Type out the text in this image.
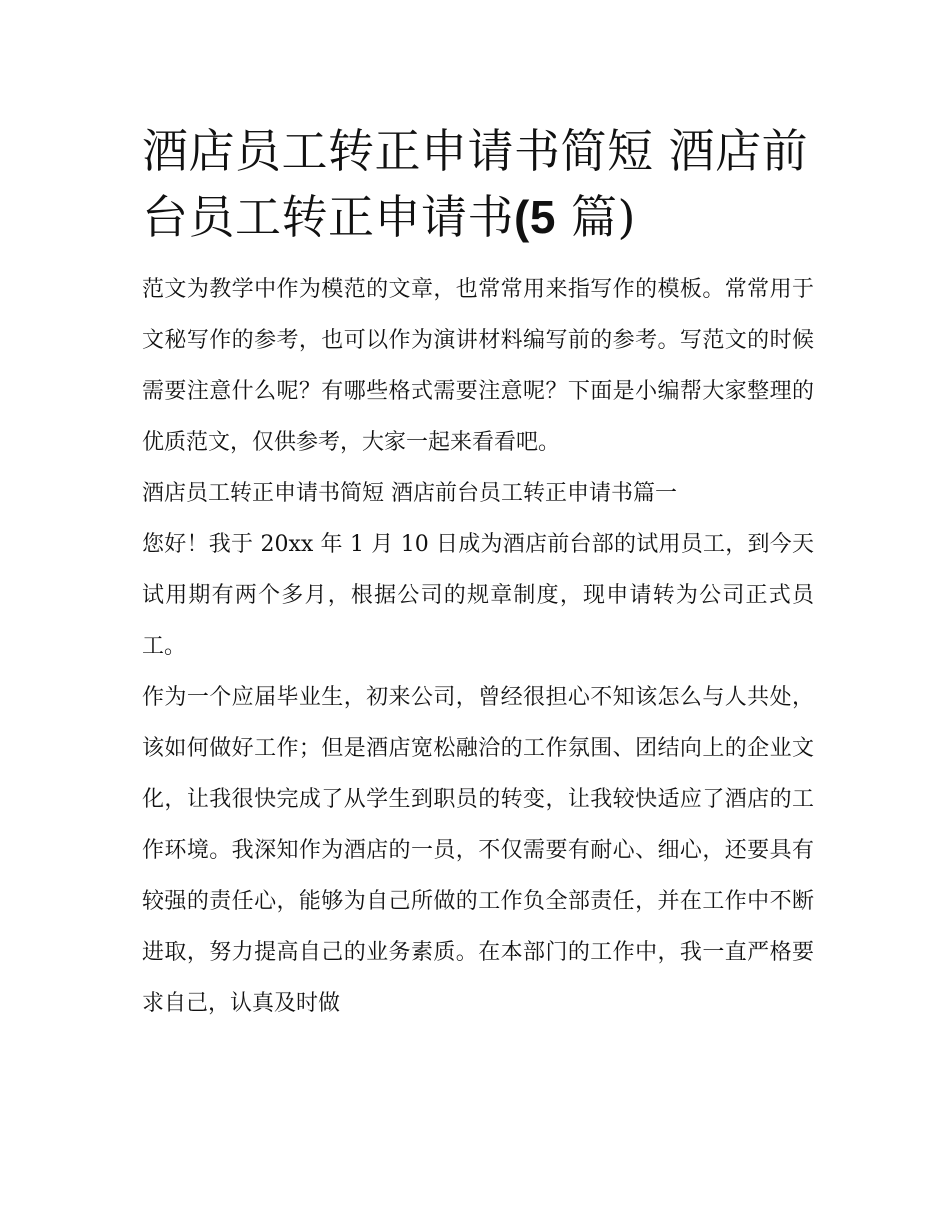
酒店员工转正申请书简短 酒店前台员工转正申请书(5 篇)

范文为教学中作为模范的文章，也常常用来指写作的模板。常常用于文秘写作的参考，也可以作为演讲材料编写前的参考。写范文的时候需要注意什么呢？有哪些格式需要注意呢？下面是小编帮大家整理的优质范文，仅供参考，大家一起来看看吧。

酒店员工转正申请书简短 酒店前台员工转正申请书篇一

您好！我于 20xx 年 1 月 10 日成为酒店前台部的试用员工，到今天试用期有两个多月，根据公司的规章制度，现申请转为公司正式员工。

作为一个应届毕业生，初来公司，曾经很担心不知该怎么与人共处，该如何做好工作；但是酒店宽松融洽的工作氛围、团结向上的企业文化，让我很快完成了从学生到职员的转变，让我较快适应了酒店的工作环境。我深知作为酒店的一员，不仅需要有耐心、细心，还要具有较强的责任心，能够为自己所做的工作负全部责任，并在工作中不断进取，努力提高自己的业务素质。在本部门的工作中，我一直严格要求自己，认真及时做
